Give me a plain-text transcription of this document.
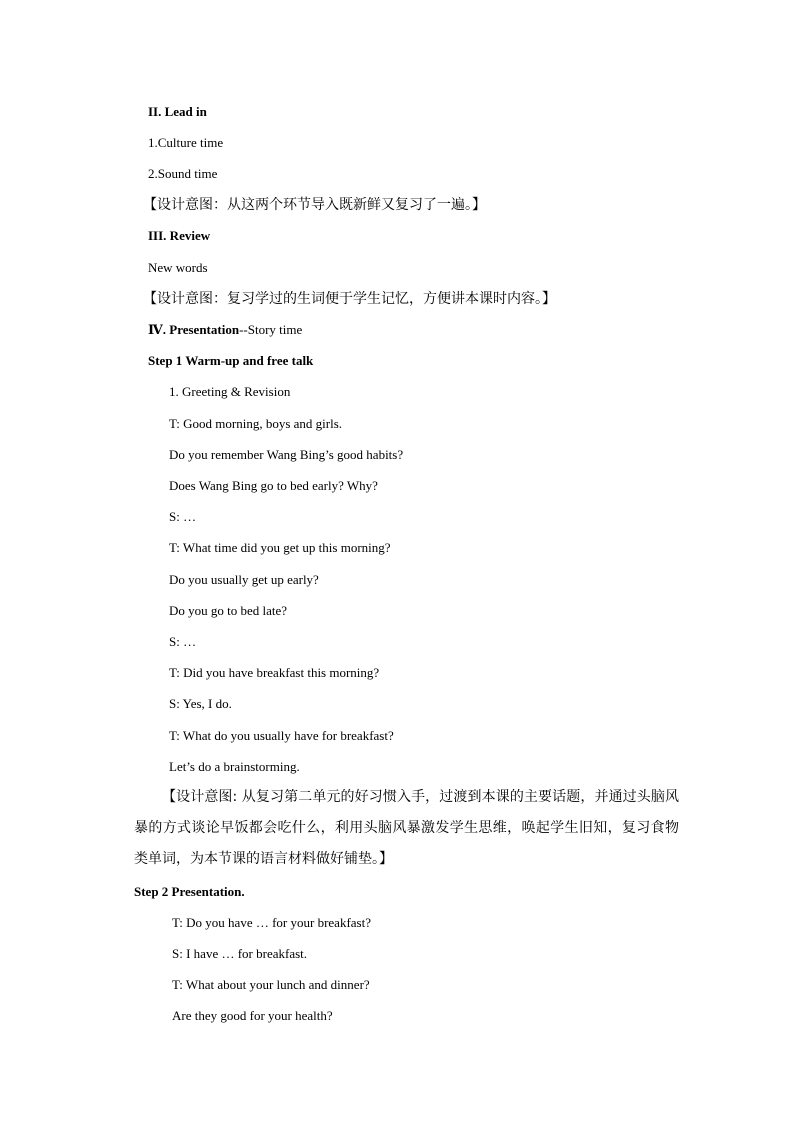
II. Lead in
1.Culture time
2.Sound time
【设计意图：从这两个环节导入既新鲜又复习了一遍。】
III. Review
New words
【设计意图：复习学过的生词便于学生记忆，方便讲本课时内容。】
Ⅳ. Presentation--Story time
Step 1 Warm-up and free talk
1. Greeting & Revision
T: Good morning, boys and girls.
Do you remember Wang Bing’s good habits?
Does Wang Bing go to bed early? Why?
S: …
T: What time did you get up this morning?
Do you usually get up early?
Do you go to bed late?
S: …
T: Did you have breakfast this morning?
S: Yes, I do.
T: What do you usually have for breakfast?
Let’s do a brainstorming.
【设计意图: 从复习第二单元的好习惯入手，过渡到本课的主要话题，并通过头脑风暴的方式谈论早饭都会吃什么，利用头脑风暴激发学生思维，唤起学生旧知，复习食物类单词，为本节课的语言材料做好铺垫。】
Step 2 Presentation.
T: Do you have … for your breakfast?
S: I have … for breakfast.
T: What about your lunch and dinner?
Are they good for your health?
